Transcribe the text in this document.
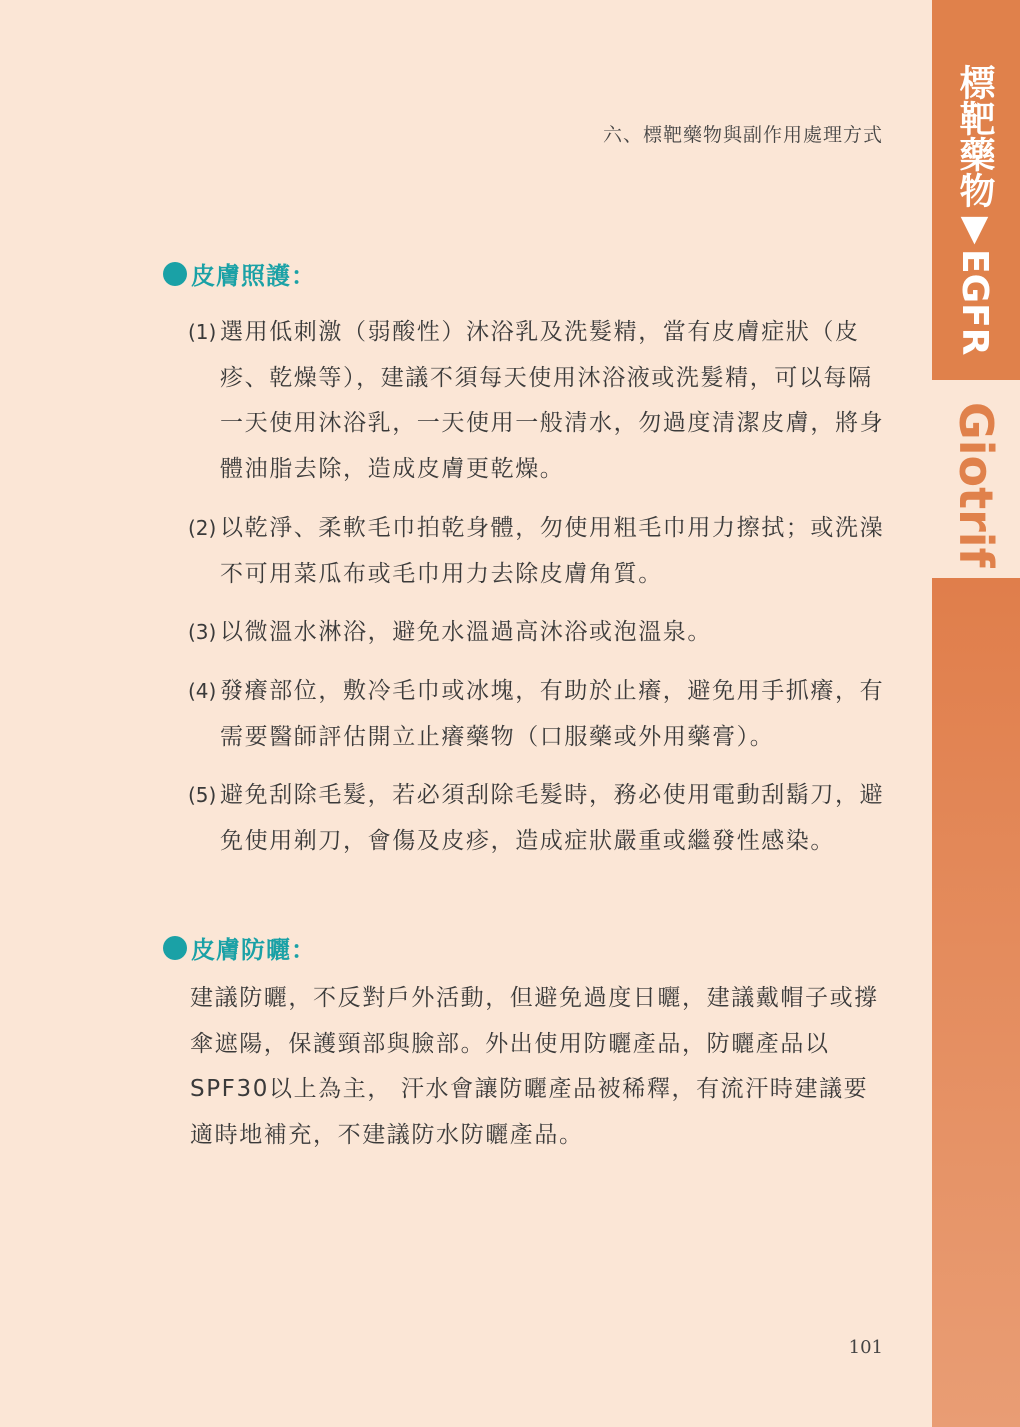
標靶藥物▼EGFR
Giotrif
六、標靶藥物與副作用處理方式
皮膚照護：
(1) 選用低刺激（弱酸性）沐浴乳及洗髮精，當有皮膚症狀（皮疹、乾燥等），建議不須每天使用沐浴液或洗髮精，可以每隔一天使用沐浴乳，一天使用一般清水，勿過度清潔皮膚，將身體油脂去除，造成皮膚更乾燥。
(2) 以乾淨、柔軟毛巾拍乾身體，勿使用粗毛巾用力擦拭；或洗澡不可用菜瓜布或毛巾用力去除皮膚角質。
(3) 以微溫水淋浴，避免水溫過高沐浴或泡溫泉。
(4) 發癢部位，敷冷毛巾或冰塊，有助於止癢，避免用手抓癢，有需要醫師評估開立止癢藥物（口服藥或外用藥膏）。
(5) 避免刮除毛髮，若必須刮除毛髮時，務必使用電動刮鬍刀，避免使用剃刀，會傷及皮疹，造成症狀嚴重或繼發性感染。
皮膚防曬：
建議防曬，不反對戶外活動，但避免過度日曬，建議戴帽子或撐傘遮陽，保護頸部與臉部。外出使用防曬產品，防曬產品以SPF30以上為主， 汗水會讓防曬產品被稀釋，有流汗時建議要適時地補充，不建議防水防曬產品。
101
